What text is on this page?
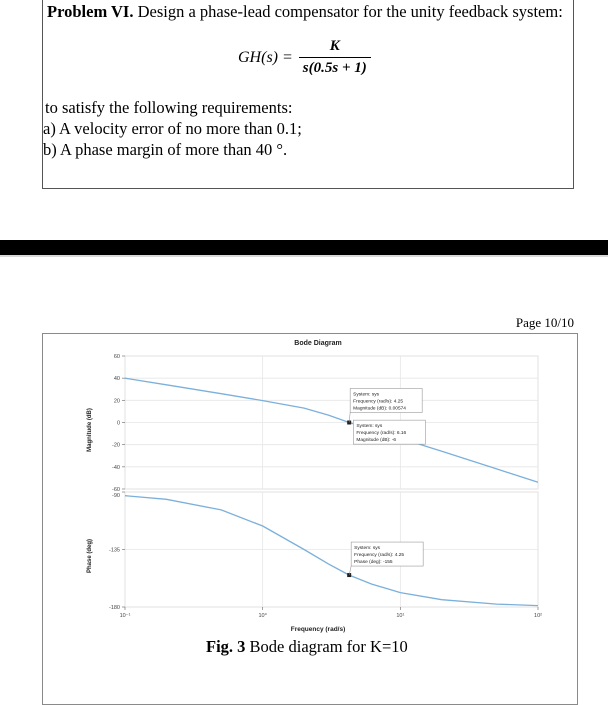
Problem VI. Design a phase-lead compensator for the unity feedback system:
$GH(s) = \frac{K}{s(0.5s + 1)}$
to satisfy the following requirements:
a) A velocity error of no more than 0.1;
b) A phase margin of more than 40 °.
Page 10/10
Bode Diagram
Magnitude (dB)
Phase (deg)
Frequency (rad/s)
60
40
20
0
-20
-40
-60
-90
-135
-180
10⁻¹	10⁰	10¹	10²
System: sys
Frequency (rad/s): 4.25
Magnitude (dB): 0.00574
System: sys
Frequency (rad/s): 6.16
Magnitude (dB): -6
System: sys
Frequency (rad/s): 4.25
Phase (deg): -155
Fig. 3 Bode diagram for K=10
